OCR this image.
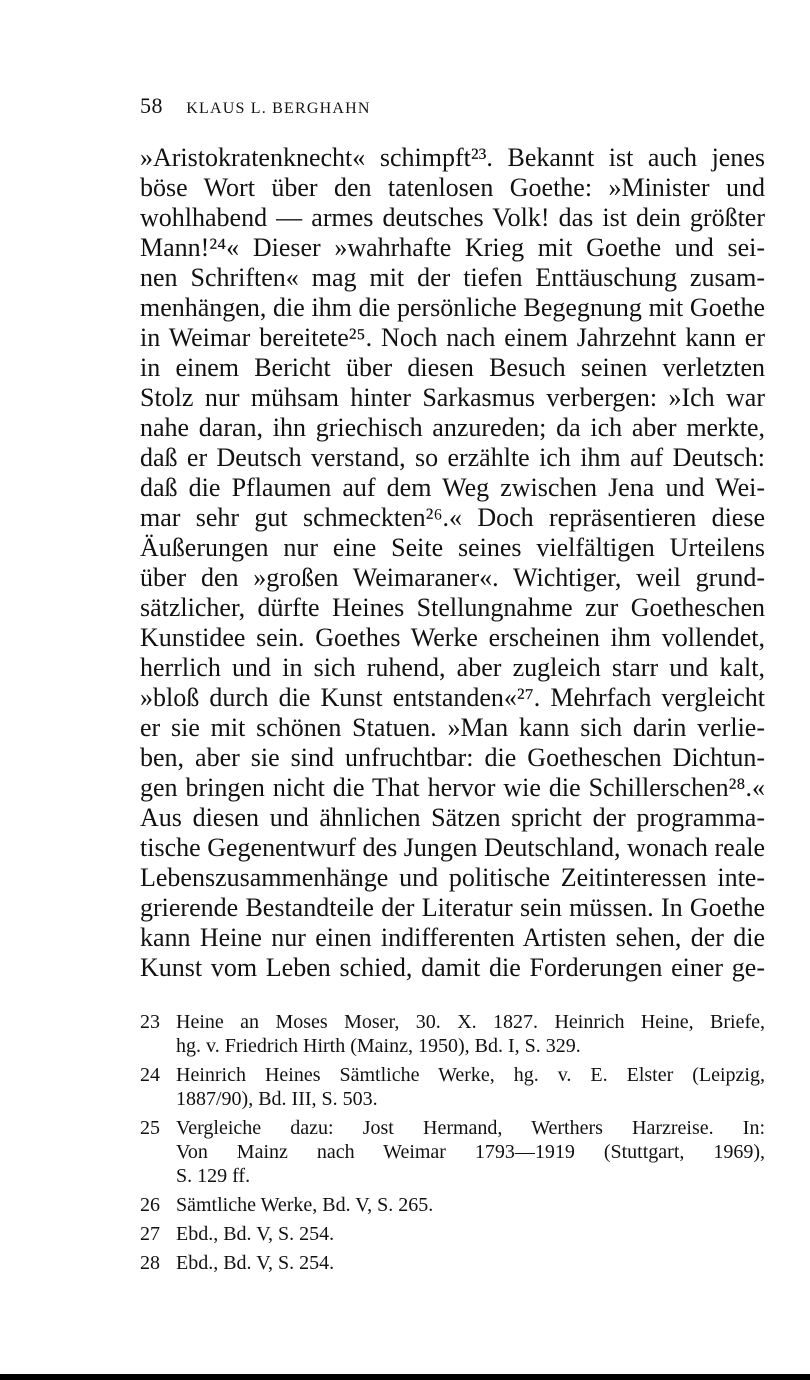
58 KLAUS L. BERGHAHN
»Aristokratenknecht« schimpft²³. Bekannt ist auch jenes
böse Wort über den tatenlosen Goethe: »Minister und
wohlhabend — armes deutsches Volk! das ist dein größter
Mann!²⁴« Dieser »wahrhafte Krieg mit Goethe und sei-
nen Schriften« mag mit der tiefen Enttäuschung zusam-
menhängen, die ihm die persönliche Begegnung mit Goethe
in Weimar bereitete²⁵. Noch nach einem Jahrzehnt kann er
in einem Bericht über diesen Besuch seinen verletzten
Stolz nur mühsam hinter Sarkasmus verbergen: »Ich war
nahe daran, ihn griechisch anzureden; da ich aber merkte,
daß er Deutsch verstand, so erzählte ich ihm auf Deutsch:
daß die Pflaumen auf dem Weg zwischen Jena und Wei-
mar sehr gut schmeckten²⁶.« Doch repräsentieren diese
Äußerungen nur eine Seite seines vielfältigen Urteilens
über den »großen Weimaraner«. Wichtiger, weil grund-
sätzlicher, dürfte Heines Stellungnahme zur Goetheschen
Kunstidee sein. Goethes Werke erscheinen ihm vollendet,
herrlich und in sich ruhend, aber zugleich starr und kalt,
»bloß durch die Kunst entstanden«²⁷. Mehrfach vergleicht
er sie mit schönen Statuen. »Man kann sich darin verlie-
ben, aber sie sind unfruchtbar: die Goetheschen Dichtun-
gen bringen nicht die That hervor wie die Schillerschen²⁸.«
Aus diesen und ähnlichen Sätzen spricht der programma-
tische Gegenentwurf des Jungen Deutschland, wonach reale
Lebenszusammenhänge und politische Zeitinteressen inte-
grierende Bestandteile der Literatur sein müssen. In Goethe
kann Heine nur einen indifferenten Artisten sehen, der die
Kunst vom Leben schied, damit die Forderungen einer ge-
23 Heine an Moses Moser, 30. X. 1827. Heinrich Heine, Briefe,
hg. v. Friedrich Hirth (Mainz, 1950), Bd. I, S. 329.
24 Heinrich Heines Sämtliche Werke, hg. v. E. Elster (Leipzig,
1887/90), Bd. III, S. 503.
25 Vergleiche dazu: Jost Hermand, Werthers Harzreise. In:
Von Mainz nach Weimar 1793—1919 (Stuttgart, 1969),
S. 129 ff.
26 Sämtliche Werke, Bd. V, S. 265.
27 Ebd., Bd. V, S. 254.
28 Ebd., Bd. V, S. 254.
